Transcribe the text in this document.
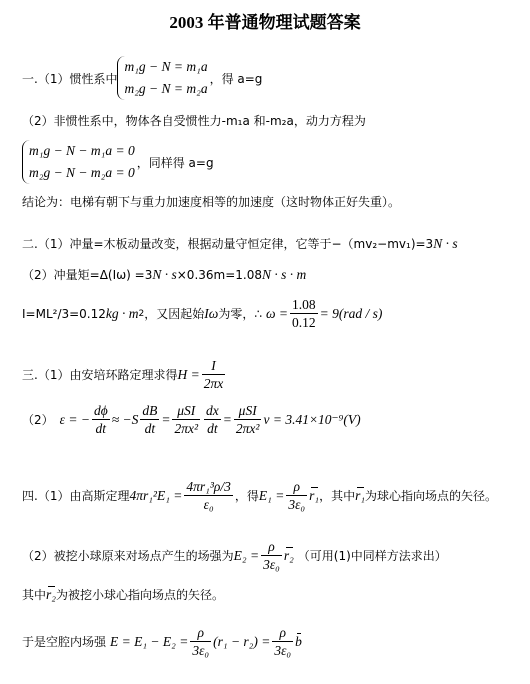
2003 年普通物理试题答案
一.（1）惯性系中
m₁g − N = m₁a
m₂g − N = m₂a
，得 a=g
（2）非惯性系中，物体各自受惯性力-m₁a 和-m₂a，动力方程为
m₁g − N − m₁a = 0
m₂g − N − m₂a = 0
，同样得 a=g
结论为：电梯有朝下与重力加速度相等的加速度（这时物体正好失重）。
二.（1）冲量=木板动量改变，根据动量守恒定律，它等于−（mv₂−mv₁)=3 N · s
（2）冲量矩=Δ(Iω) =3 N · s ×0.36m=1.08 N · s · m
I=ML²/3=0.12 kg · m 2 ，又因起始 Iω 为零，∴ $\omega = \frac{1.08}{0.12} = 9(rad / s)$
三.（1）由安培环路定理求得 $H = \frac{I}{2\pi x}$
（2） ε = − $\frac{d\phi}{dt} \approx -S \frac{dB}{dt} = \frac{\text{μSI}}{\text{2πx²}} \frac{dx}{dt} = \frac{\text{μSI}}{\text{2πx²}}$ v = 3.41×10⁻⁹(V)
四.（1）由高斯定理 $4\pi r_1^2E_1 = \frac{\text{4πr₁³ρ/3}}{\text{ε₀}}$ ，得 $E_1 = \frac{\rho}{\text{3ε₀}} r_1$ ，其中 r₁ 为球心指向场点的矢径。
（2）被挖小球原来对场点产生的场强为 $E_2 = \frac{\rho}{\text{3ε₀}} r_2$ （可用(1)中同样方法求出）
其中 r₂ 为被挖小球心指向场点的矢径。
于是空腔内场强 $E = E_1 - E_2 = \frac{\rho}{\text{3ε₀}} (r_1 - r_2) = \frac{\rho}{\text{3ε₀}}$ b
